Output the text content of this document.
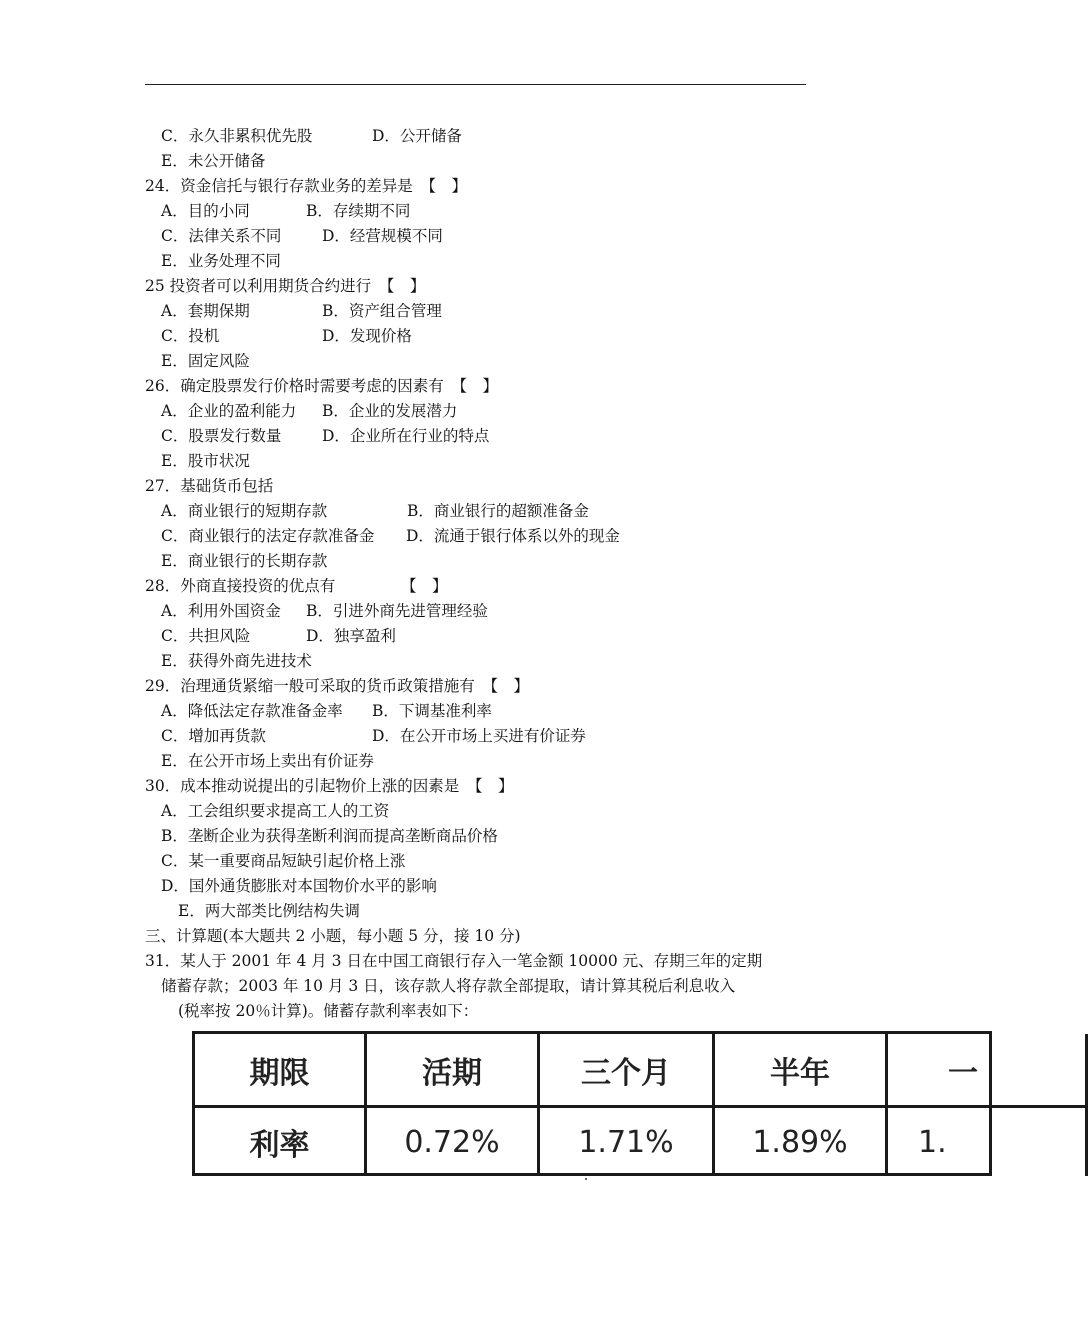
C．永久非累积优先股	D．公开储备
E．未公开储备
24．资金信托与银行存款业务的差异是　【　】
A．目的小同	B．存续期不同
C．法律关系不同	D．经营规模不同
E．业务处理不同
25 投资者可以利用期货合约进行　【　】
A．套期保期	B．资产组合管理
C．投机	D．发现价格
E．固定风险
26．确定股票发行价格时需要考虑的因素有　【　】
A．企业的盈利能力 B．企业的发展潜力
C．股票发行数量	D．企业所在行业的特点
E．股市状况
27．基础货币包括
A．商业银行的短期存款	B．商业银行的超额准备金
C．商业银行的法定存款准备金 D．流通于银行体系以外的现金
E．商业银行的长期存款
28．外商直接投资的优点有	【　】
A．利用外国资金 B．引进外商先进管理经验
C．共担风险	D．独享盈利
E．获得外商先进技术
29．治理通货紧缩一般可采取的货币政策措施有　【　】
A．降低法定存款准备金率 B．下调基准利率
C．增加再货款	D．在公开市场上买进有价证券
E．在公开市场上卖出有价证券
30．成本推动说提出的引起物价上涨的因素是　【　】
A．工会组织要求提高工人的工资
B．垄断企业为获得垄断利润而提高垄断商品价格
C．某一重要商品短缺引起价格上涨
D．国外通货膨胀对本国物价水平的影响
E．两大部类比例结构失调
三、计算题(本大题共 2 小题，每小题 5 分，接 10 分)
31．某人于 2001 年 4 月 3 日在中国工商银行存入一笔金额 10000 元、存期三年的定期
储蓄存款；2003 年 10 月 3 日，该存款人将存款全部提取，请计算其税后利息收入
(税率按 20％计算)。储蓄存款利率表如下：
期限	活期	三个月	半年	一
利率	0.72%	1.71%	1.89%	1.
